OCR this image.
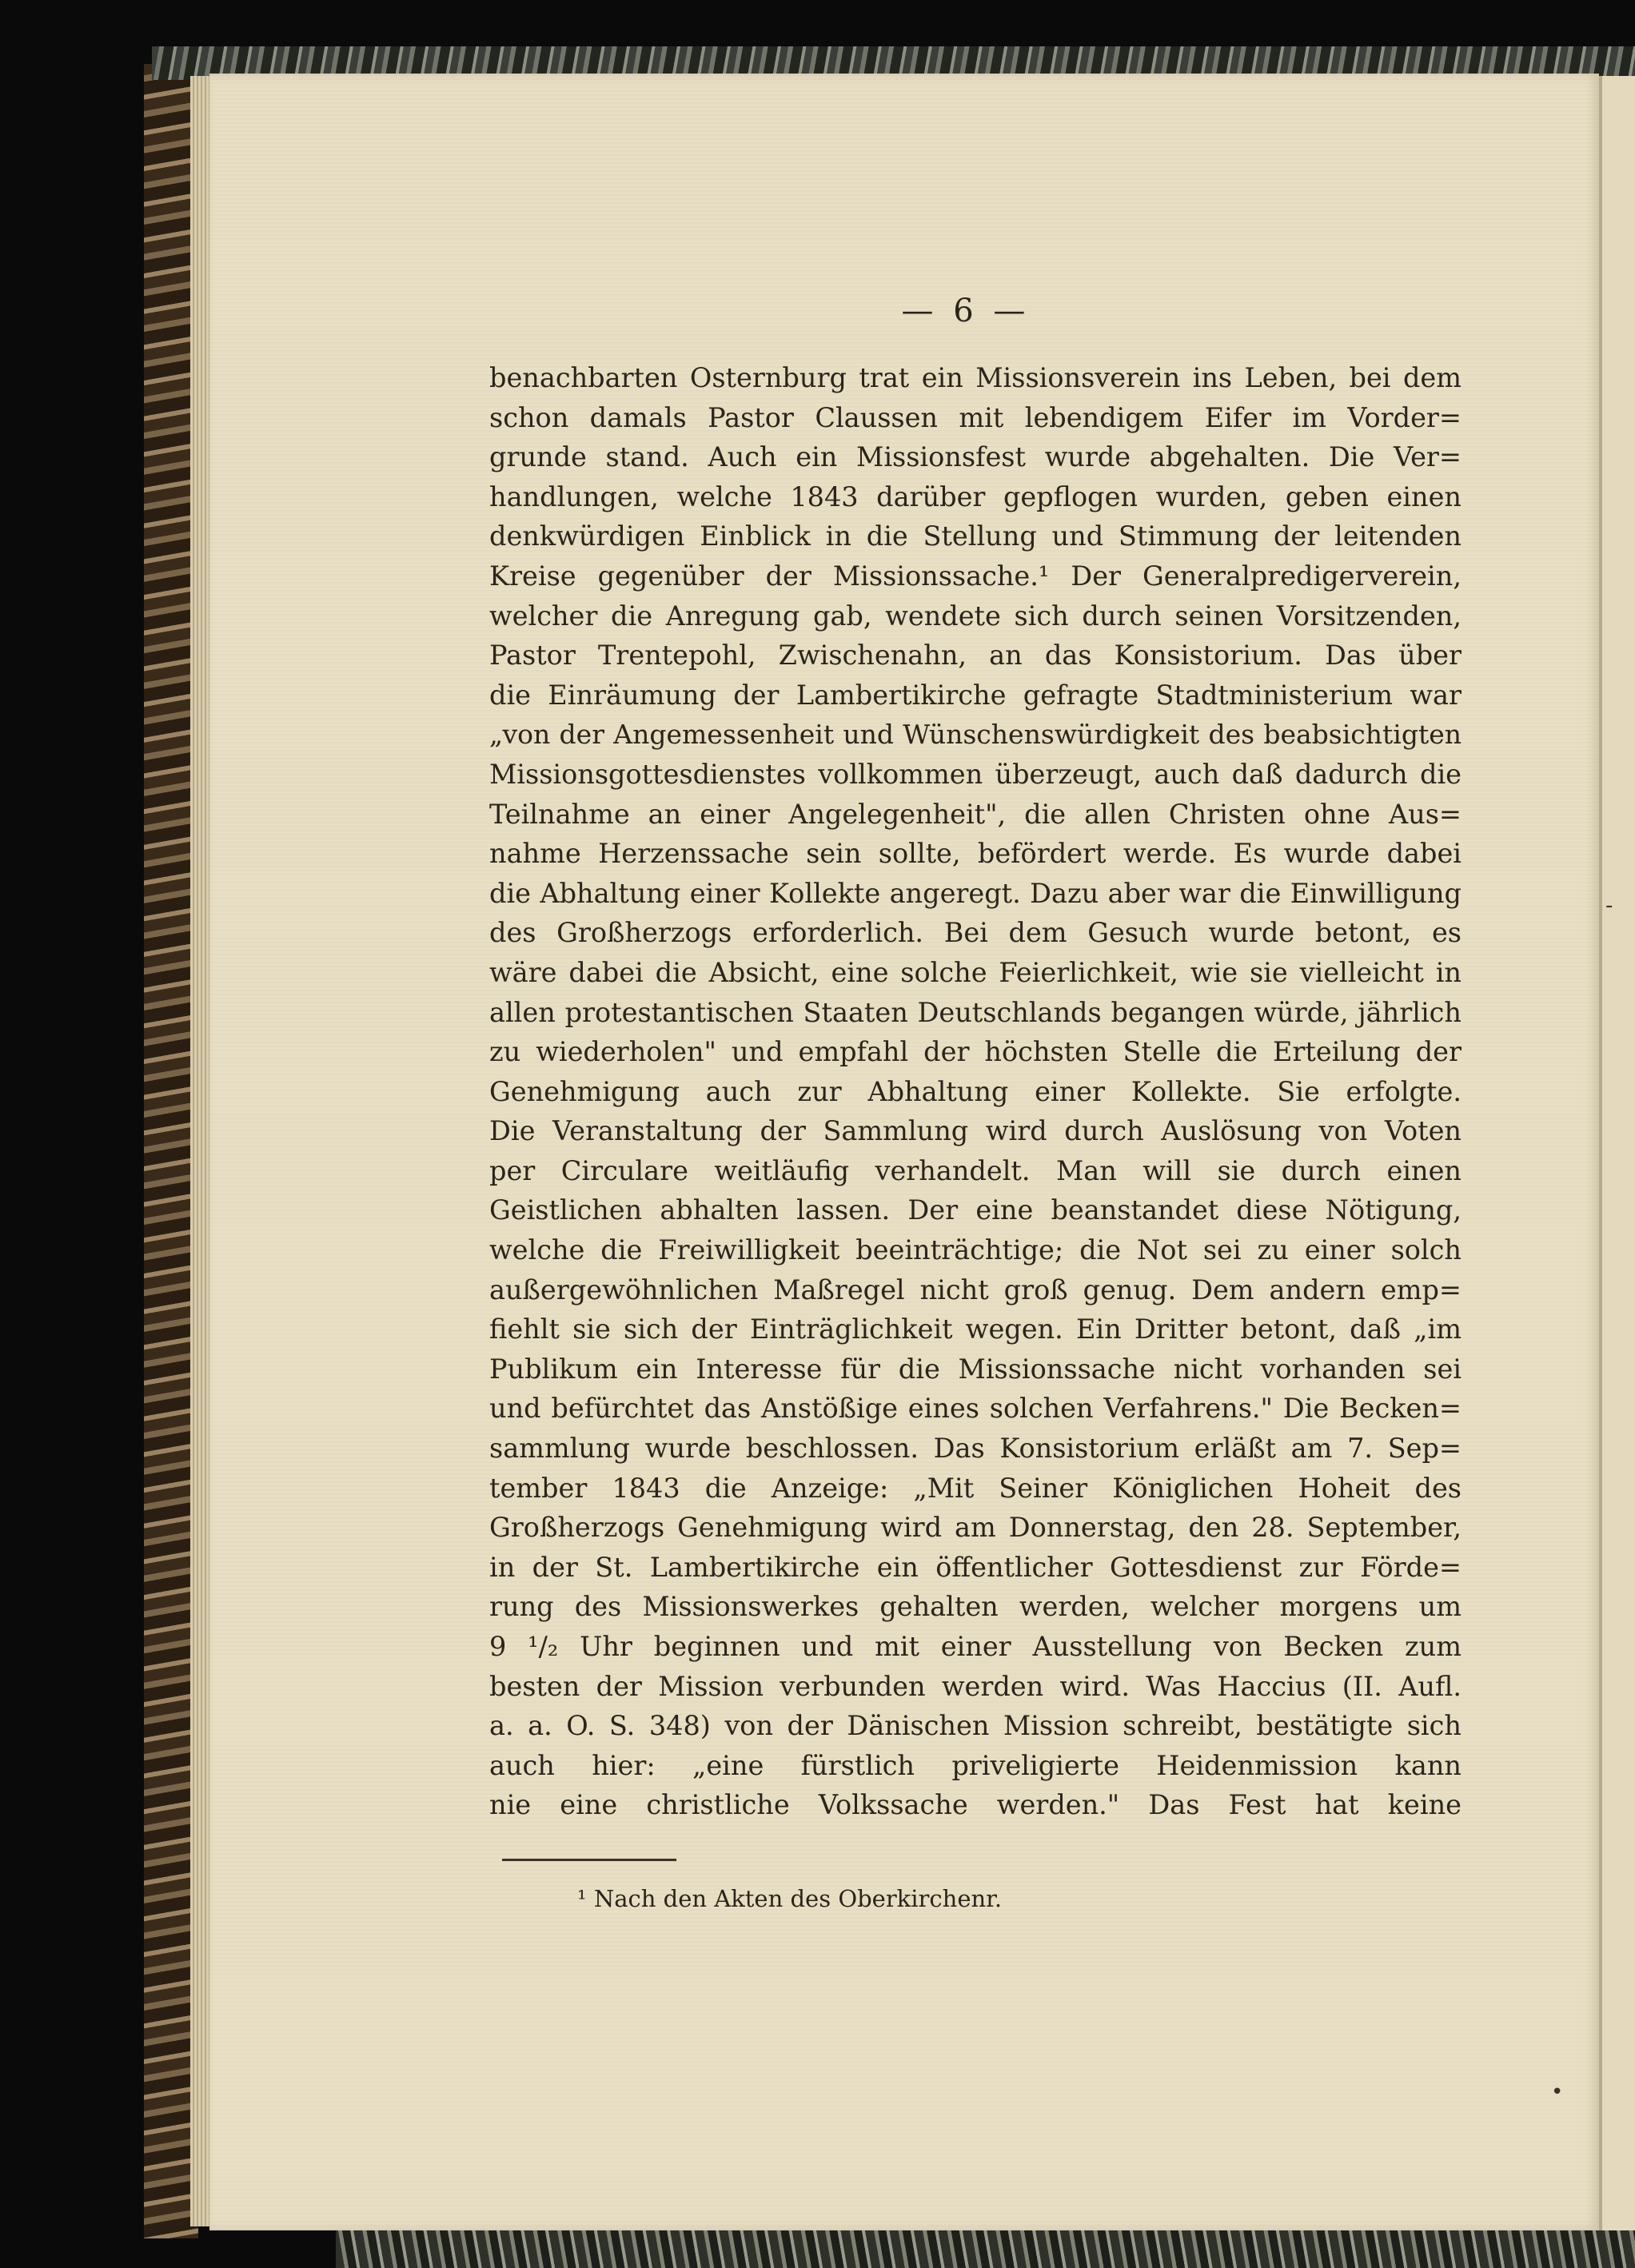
— 6 —
benachbarten Osternburg trat ein Missionsverein ins Leben, bei dem
schon damals Pastor Claussen mit lebendigem Eifer im Vorder=
grunde stand. Auch ein Missionsfest wurde abgehalten. Die Ver=
handlungen, welche 1843 darüber gepflogen wurden, geben einen
denkwürdigen Einblick in die Stellung und Stimmung der leitenden
Kreise gegenüber der Missionssache.¹ Der Generalpredigerverein,
welcher die Anregung gab, wendete sich durch seinen Vorsitzenden,
Pastor Trentepohl, Zwischenahn, an das Konsistorium. Das über
die Einräumung der Lambertikirche gefragte Stadtministerium war
„von der Angemessenheit und Wünschenswürdigkeit des beabsichtigten
Missionsgottesdienstes vollkommen überzeugt, auch daß dadurch die
Teilnahme an einer Angelegenheit", die allen Christen ohne Aus=
nahme Herzenssache sein sollte, befördert werde. Es wurde dabei
die Abhaltung einer Kollekte angeregt. Dazu aber war die Einwilligung
des Großherzogs erforderlich. Bei dem Gesuch wurde betont, es
wäre dabei die Absicht, eine solche Feierlichkeit, wie sie vielleicht in
allen protestantischen Staaten Deutschlands begangen würde, jährlich
zu wiederholen" und empfahl der höchsten Stelle die Erteilung der
Genehmigung auch zur Abhaltung einer Kollekte. Sie erfolgte.
Die Veranstaltung der Sammlung wird durch Auslösung von Voten
per Circulare weitläufig verhandelt. Man will sie durch einen
Geistlichen abhalten lassen. Der eine beanstandet diese Nötigung,
welche die Freiwilligkeit beeinträchtige; die Not sei zu einer solch
außergewöhnlichen Maßregel nicht groß genug. Dem andern emp=
fiehlt sie sich der Einträglichkeit wegen. Ein Dritter betont, daß „im
Publikum ein Interesse für die Missionssache nicht vorhanden sei
und befürchtet das Anstößige eines solchen Verfahrens." Die Becken=
sammlung wurde beschlossen. Das Konsistorium erläßt am 7. Sep=
tember 1843 die Anzeige: „Mit Seiner Königlichen Hoheit des
Großherzogs Genehmigung wird am Donnerstag, den 28. September,
in der St. Lambertikirche ein öffentlicher Gottesdienst zur Förde=
rung des Missionswerkes gehalten werden, welcher morgens um
9 ¹/₂ Uhr beginnen und mit einer Ausstellung von Becken zum
besten der Mission verbunden werden wird. Was Haccius (II. Aufl.
a. a. O. S. 348) von der Dänischen Mission schreibt, bestätigte sich
auch hier: „eine fürstlich priveligierte Heidenmission kann
nie eine christliche Volkssache werden." Das Fest hat keine
¹ Nach den Akten des Oberkirchenr.
-
•
